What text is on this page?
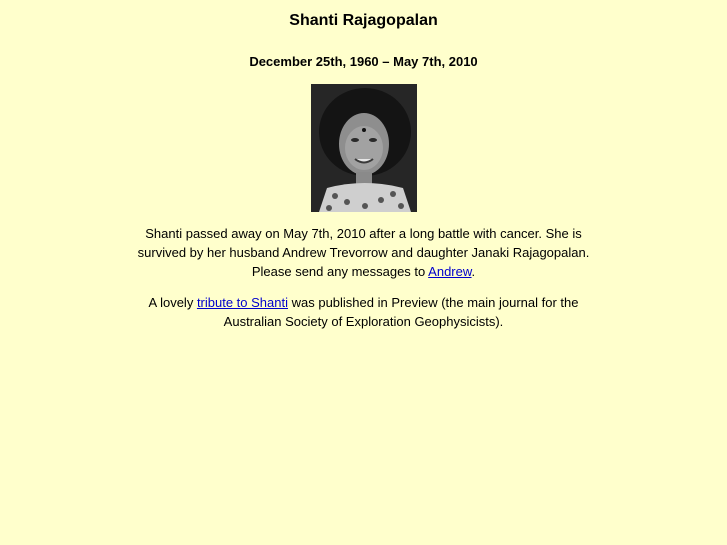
Shanti Rajagopalan
December 25th, 1960 – May 7th, 2010

Shanti passed away on May 7th, 2010 after a long battle with cancer. She is survived by her husband Andrew Trevorrow and daughter Janaki Rajagopalan. Please send any messages to Andrew.

A lovely tribute to Shanti was published in Preview (the main journal for the Australian Society of Exploration Geophysicists).
